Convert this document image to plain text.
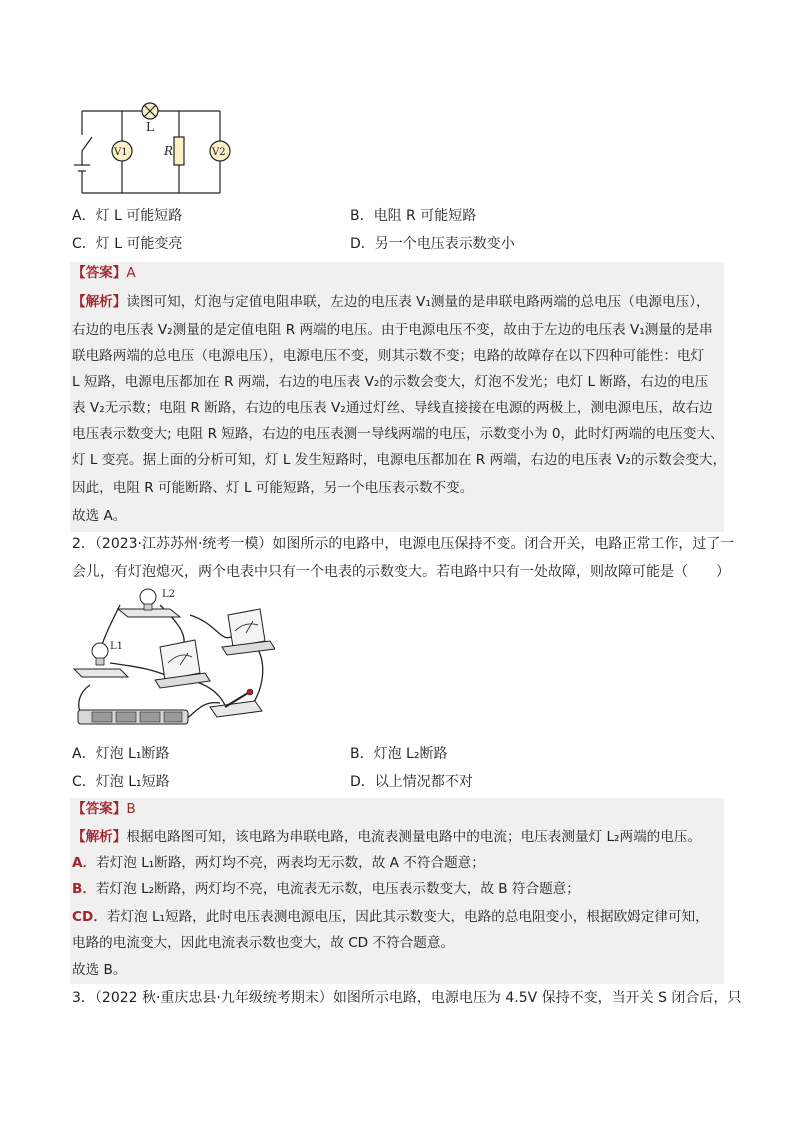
L
R
V1	V2
A．灯 L 可能短路	B．电阻 R 可能短路
C．灯 L 可能变亮	D．另一个电压表示数变小
【答案】A
【解析】读图可知，灯泡与定值电阻串联，左边的电压表 V₁测量的是串联电路两端的总电压（电源电压），
右边的电压表 V₂测量的是定值电阻 R 两端的电压。由于电源电压不变，故由于左边的电压表 V₁测量的是串
联电路两端的总电压（电源电压），电源电压不变，则其示数不变；电路的故障存在以下四种可能性：电灯
L 短路，电源电压都加在 R 两端，右边的电压表 V₂的示数会变大，灯泡不发光；电灯 L 断路，右边的电压
表 V₂无示数；电阻 R 断路，右边的电压表 V₂通过灯丝、导线直接接在电源的两极上，测电源电压，故右边
电压表示数变大; 电阻 R 短路，右边的电压表测一导线两端的电压，示数变小为 0，此时灯两端的电压变大、
灯 L 变亮。据上面的分析可知，灯 L 发生短路时，电源电压都加在 R 两端，右边的电压表 V₂的示数会变大，
因此，电阻 R 可能断路、灯 L 可能短路，另一个电压表示数不变。
故选 A。
2．（2023·江苏苏州·统考一模）如图所示的电路中，电源电压保持不变。闭合开关，电路正常工作，过了一
会儿，有灯泡熄灭，两个电表中只有一个电表的示数变大。若电路中只有一处故障，则故障可能是（　　）
L2
L1
A．灯泡 L₁断路	B．灯泡 L₂断路
C．灯泡 L₁短路	D．以上情况都不对
【答案】B
【解析】根据电路图可知，该电路为串联电路，电流表测量电路中的电流；电压表测量灯 L₂两端的电压。
A．若灯泡 L₁断路，两灯均不亮，两表均无示数，故 A 不符合题意；
B．若灯泡 L₂断路，两灯均不亮，电流表无示数，电压表示数变大，故 B 符合题意；
CD．若灯泡 L₁短路，此时电压表测电源电压，因此其示数变大，电路的总电阻变小，根据欧姆定律可知，
电路的电流变大，因此电流表示数也变大，故 CD 不符合题意。
故选 B。
3．（2022 秋·重庆忠县·九年级统考期末）如图所示电路，电源电压为 4.5V 保持不变，当开关 S 闭合后，只
